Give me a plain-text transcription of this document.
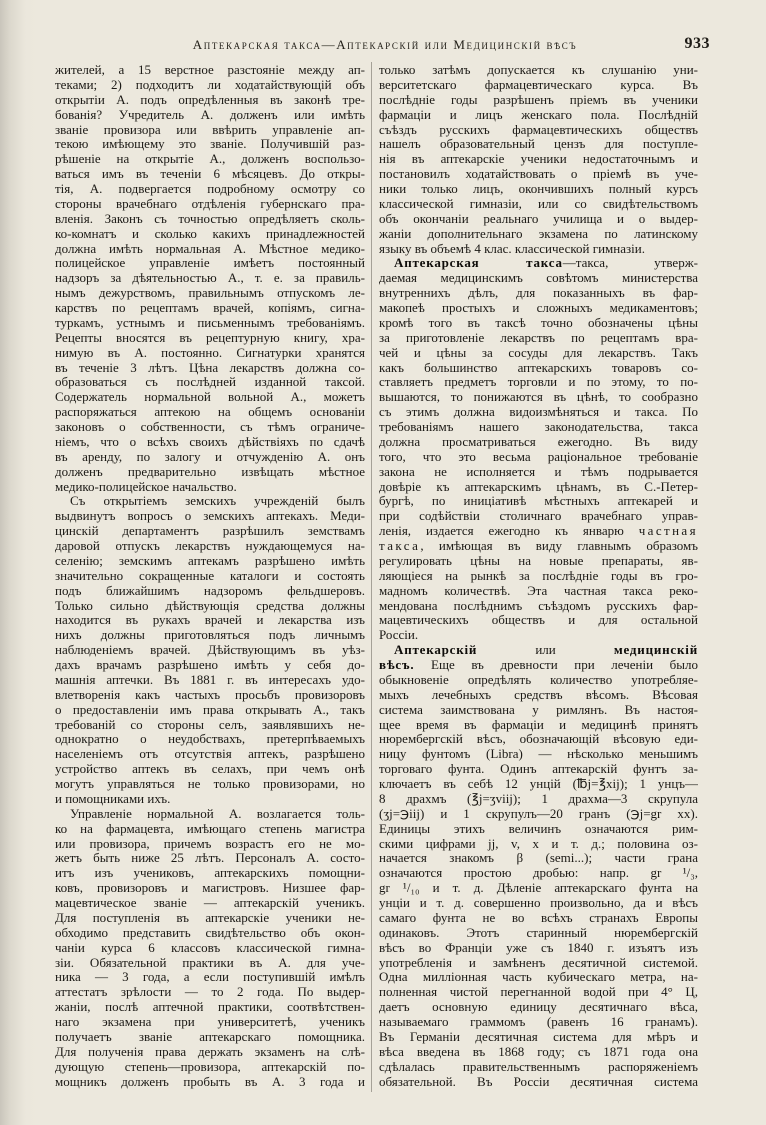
Аптекарская такса—Аптекарскій или Медицинскій вѣсъ	933
жителей, а 15 верстное разстояніе между ап-
теками; 2) подходитъ ли ходатайствующій объ
открытіи А. подъ опредѣленныя въ законѣ тре-
бованія? Учредитель А. долженъ или имѣть
званіе провизора или ввѣрить управленіе ап-
текою имѣющему это званіе. Получившій раз-
рѣшеніе на открытіе А., долженъ воспользо-
ваться имъ въ теченіи 6 мѣсяцевъ. До откры-
тія, А. подвергается подробному осмотру со
стороны врачебнаго отдѣленія губернскаго пра-
вленія. Законъ съ точностью опредѣляетъ сколь-
ко-комнатъ и сколько какихъ принадлежностей
должна имѣть нормальная А. Мѣстное медико-
полицейское управленіе имѣетъ постоянный
надзоръ за дѣятельностью А., т. е. за правиль-
нымъ дежурствомъ, правильнымъ отпускомъ ле-
карствъ по рецептамъ врачей, копіямъ, сигна-
туркамъ, устнымъ и письменнымъ требованіямъ.
Рецепты вносятся въ рецептурную книгу, хра-
нимую въ А. постоянно. Сигнатурки хранятся
въ теченіе 3 лѣтъ. Цѣна лекарствъ должна со-
образоваться съ послѣдней изданной таксой.
Содержатель нормальной вольной А., можетъ
распоряжаться аптекою на общемъ основаніи
законовъ о собственности, съ тѣмъ ограниче-
ніемъ, что о всѣхъ своихъ дѣйствіяхъ по сдачѣ
въ аренду, по залогу и отчужденію А. онъ
долженъ предварительно извѣщать мѣстное
медико-полицейское начальство.
Съ открытіемъ земскихъ учрежденій былъ
выдвинутъ вопросъ о земскихъ аптекахъ. Меди-
цинскій департаментъ разрѣшилъ земствамъ
даровой отпускъ лекарствъ нуждающемуся на-
селенію; земскимъ аптекамъ разрѣшено имѣть
значительно сокращенные каталоги и состоять
подъ ближайшимъ надзоромъ фельдшеровъ.
Только сильно дѣйствующія средства должны
находится въ рукахъ врачей и лекарства изъ
нихъ должны приготовляться подъ личнымъ
наблюденіемъ врачей. Дѣйствующимъ въ уѣз-
дахъ врачамъ разрѣшено имѣть у себя до-
машнія аптечки. Въ 1881 г. въ интересахъ удо-
влетворенія какъ частыхъ просьбъ провизоровъ
о предоставленіи имъ права открывать А., такъ
требованій со стороны селъ, заявлявшихъ не-
однократно о неудобствахъ, претерпѣваемыхъ
населеніемъ отъ отсутствія аптекъ, разрѣшено
устройство аптекъ въ селахъ, при чемъ онѣ
могутъ управляться не только провизорами, но
и помощниками ихъ.
Управленіе нормальной А. возлагается толь-
ко на фармацевта, имѣющаго степень магистра
или провизора, причемъ возрастъ его не мо-
жетъ быть ниже 25 лѣтъ. Персоналъ А. состо-
итъ изъ учениковъ, аптекарскихъ помощни-
ковъ, провизоровъ и магистровъ. Низшее фар-
мацевтическое званіе — аптекарскій ученикъ.
Для поступленія въ аптекарскіе ученики не-
обходимо представить свидѣтельство объ окон-
чаніи курса 6 классовъ классической гимна-
зіи. Обязательной практики въ А. для уче-
ника — 3 года, а если поступившій имѣлъ
аттестатъ зрѣлости — то 2 года. По выдер-
жаніи, послѣ аптечной практики, соотвѣтствен-
наго экзамена при университетѣ, ученикъ
получаетъ званіе аптекарскаго помощника.
Для полученія права держать экзаменъ на слѣ-
дующую степень—провизора, аптекарскій по-
мощникъ долженъ пробыть въ А. 3 года и
только затѣмъ допускается къ слушанію уни-
верситетскаго фармацевтическаго курса. Въ
послѣдніе годы разрѣшенъ пріемъ въ ученики
фармаціи и лицъ женскаго пола. Послѣдній
съѣздъ русскихъ фармацевтическихъ обществъ
нашелъ образовательный цензъ для поступле-
нія въ аптекарскіе ученики недостаточнымъ и
постановилъ ходатайствовать о пріемѣ въ уче-
ники только лицъ, окончившихъ полный курсъ
классической гимназіи, или со свидѣтельствомъ
объ окончаніи реальнаго училища и о выдер-
жаніи дополнительнаго экзамена по латинскому
языку въ объемѣ 4 клас. классической гимназіи.
Аптекарская такса—такса, утверж-
даемая медицинскимъ совѣтомъ министерства
внутреннихъ дѣлъ, для показанныхъ въ фар-
макопеѣ простыхъ и сложныхъ медикаментовъ;
кромѣ того въ таксѣ точно обозначены цѣны
за приготовленіе лекарствъ по рецептамъ вра-
чей и цѣны за сосуды для лекарствъ. Такъ
какъ большинство аптекарскихъ товаровъ со-
ставляетъ предметъ торговли и по этому, то по-
вышаются, то понижаются въ цѣнѣ, то сообразно
съ этимъ должна видоизмѣняться и такса. По
требованіямъ нашего законодательства, такса
должна просматриваться ежегодно. Въ виду
того, что это весьма раціональное требованіе
закона не исполняется и тѣмъ подрывается
довѣріе къ аптекарскимъ цѣнамъ, въ С.-Петер-
бургѣ, по иниціативѣ мѣстныхъ аптекарей и
при содѣйствіи столичнаго врачебнаго управ-
ленія, издается ежегодно къ январю частная
такса, имѣющая въ виду главнымъ образомъ
регулировать цѣны на новые препараты, яв-
ляющіеся на рынкѣ за послѣдніе годы въ гро-
мадномъ количествѣ. Эта частная такса реко-
мендована послѣднимъ съѣздомъ русскихъ фар-
мацевтическихъ обществъ и для остальной
Россіи.
Аптекарскій или медицинскій
вѣсъ. Еще въ древности при леченіи было
обыкновеніе опредѣлять количество употребляе-
мыхъ лечебныхъ средствъ вѣсомъ. Вѣсовая
система заимствована у римлянъ. Въ настоя-
щее время въ фармаціи и медицинѣ принятъ
нюрембергскій вѣсъ, обозначающій вѣсовую еди-
ницу фунтомъ (Libra) — нѣсколько меньшимъ
торговаго фунта. Одинъ аптекарскій фунтъ за-
ключаетъ въ себѣ 12 унцій (℔j=℥xij); 1 унцъ—
8 драхмъ (℥j=ʒviij); 1 драхма—3 скрупула
(ʒj=℈iij) и 1 скрупулъ—20 гранъ (℈j=gr xx).
Единицы этихъ величинъ означаются рим-
скими цифрами jj, v, x и т. д.; половина оз-
начается знакомъ β (semi...); части грана
означаются простою дробью: напр. gr ¹/₃,
gr ¹/₁₀ и т. д. Дѣленіе аптекарскаго фунта на
унціи и т. д. совершенно произвольно, да и вѣсъ
самаго фунта не во всѣхъ странахъ Европы
одинаковъ. Этотъ старинный нюрембергскій
вѣсъ во Франціи уже съ 1840 г. изъятъ изъ
употребленія и замѣненъ десятичной системой.
Одна милліонная часть кубическаго метра, на-
полненная чистой перегнанной водой при 4° Ц,
даетъ основную единицу десятичнаго вѣса,
называемаго граммомъ (равенъ 16 гранамъ).
Въ Германіи десятичная система для мѣръ и
вѣса введена въ 1868 году; съ 1871 года она
сдѣлалась правительственнымъ распоряженіемъ
обязательной. Въ Россіи десятичная система
